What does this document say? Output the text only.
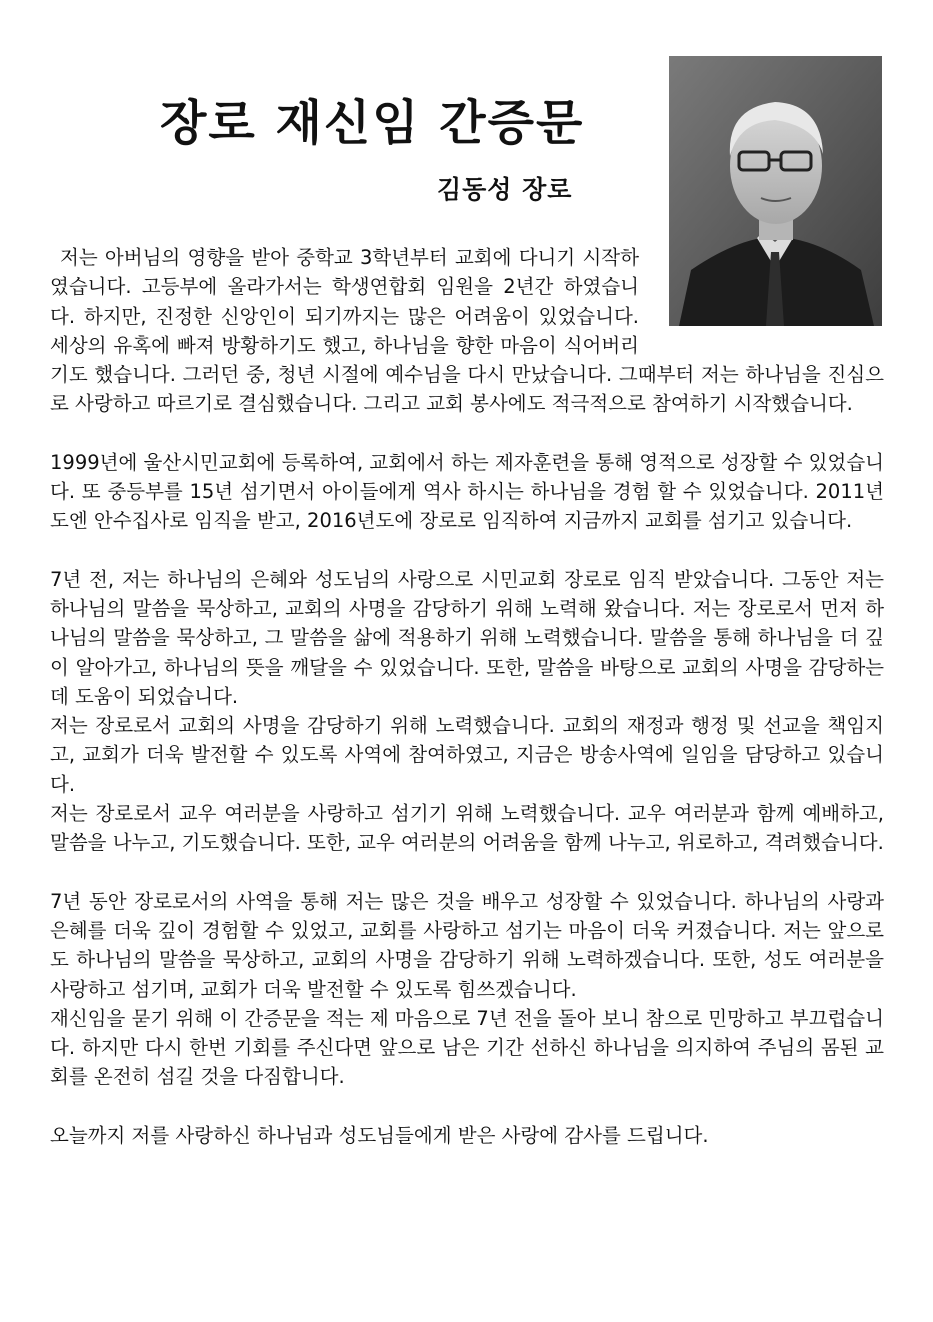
장로 재신임 간증문
김동성 장로

저는 아버님의 영향을 받아 중학교 3학년부터 교회에 다니기 시작하였습니다. 고등부에 올라가서는 학생연합회 임원을 2년간 하였습니다. 하지만, 진정한 신앙인이 되기까지는 많은 어려움이 있었습니다. 세상의 유혹에 빠져 방황하기도 했고, 하나님을 향한 마음이 식어버리기도 했습니다. 그러던 중, 청년 시절에 예수님을 다시 만났습니다. 그때부터 저는 하나님을 진심으로 사랑하고 따르기로 결심했습니다. 그리고 교회 봉사에도 적극적으로 참여하기 시작했습니다.

1999년에 울산시민교회에 등록하여, 교회에서 하는 제자훈련을 통해 영적으로 성장할 수 있었습니다. 또 중등부를 15년 섬기면서 아이들에게 역사 하시는 하나님을 경험 할 수 있었습니다. 2011년도엔 안수집사로 임직을 받고, 2016년도에 장로로 임직하여 지금까지 교회를 섬기고 있습니다.

7년 전, 저는 하나님의 은혜와 성도님의 사랑으로 시민교회 장로로 임직 받았습니다. 그동안 저는 하나님의 말씀을 묵상하고, 교회의 사명을 감당하기 위해 노력해 왔습니다. 저는 장로로서 먼저 하나님의 말씀을 묵상하고, 그 말씀을 삶에 적용하기 위해 노력했습니다. 말씀을 통해 하나님을 더 깊이 알아가고, 하나님의 뜻을 깨달을 수 있었습니다. 또한, 말씀을 바탕으로 교회의 사명을 감당하는 데 도움이 되었습니다.

저는 장로로서 교회의 사명을 감당하기 위해 노력했습니다. 교회의 재정과 행정 및 선교을 책임지고, 교회가 더욱 발전할 수 있도록 사역에 참여하였고, 지금은 방송사역에 일임을 담당하고 있습니다.

저는 장로로서 교우 여러분을 사랑하고 섬기기 위해 노력했습니다. 교우 여러분과 함께 예배하고, 말씀을 나누고, 기도했습니다. 또한, 교우 여러분의 어려움을 함께 나누고, 위로하고, 격려했습니다.

7년 동안 장로로서의 사역을 통해 저는 많은 것을 배우고 성장할 수 있었습니다. 하나님의 사랑과 은혜를 더욱 깊이 경험할 수 있었고, 교회를 사랑하고 섬기는 마음이 더욱 커졌습니다. 저는 앞으로도 하나님의 말씀을 묵상하고, 교회의 사명을 감당하기 위해 노력하겠습니다. 또한, 성도 여러분을 사랑하고 섬기며, 교회가 더욱 발전할 수 있도록 힘쓰겠습니다.

재신임을 묻기 위해 이 간증문을 적는 제 마음으로 7년 전을 돌아 보니 참으로 민망하고 부끄럽습니다. 하지만 다시 한번 기회를 주신다면 앞으로 남은 기간 선하신 하나님을 의지하여 주님의 몸된 교회를 온전히 섬길 것을 다짐합니다.

오늘까지 저를 사랑하신 하나님과 성도님들에게 받은 사랑에 감사를 드립니다.
